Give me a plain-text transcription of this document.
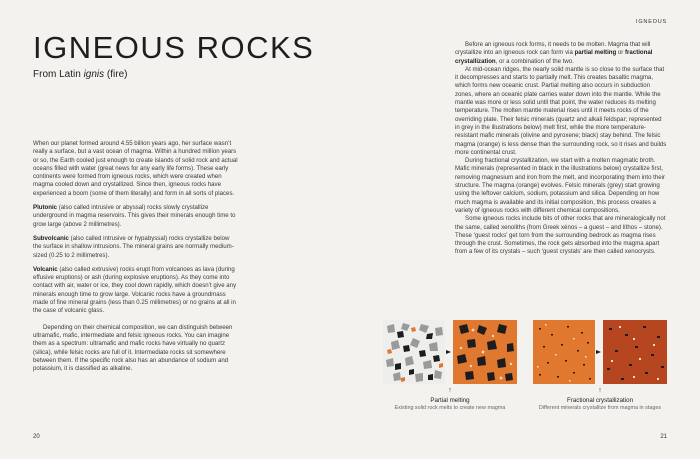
IGNEOUS ROCKS

From Latin ignis (fire)

When our planet formed around 4.55 billion years ago, her surface wasn’t really a surface, but a vast ocean of magma. Within a hundred million years or so, the Earth cooled just enough to create islands of solid rock and actual oceans filled with water (great news for any early life forms). These early continents were formed from igneous rocks, which were created when magma cooled down and crystallized. Since then, igneous rocks have experienced a boom (some of them literally) and form in all sorts of places.

Plutonic (also called intrusive or abyssal) rocks slowly crystallize underground in magma reservoirs. This gives their minerals enough time to grow large (above 2 millimetres).

Subvolcanic (also called intrusive or hypabyssal) rocks crystallize below the surface in shallow intrusions. The mineral grains are normally medium-sized (0.25 to 2 millimetres).

Volcanic (also called extrusive) rocks erupt from volcanoes as lava (during effusive eruptions) or ash (during explosive eruptions). As they come into contact with air, water or ice, they cool down rapidly, which doesn’t give any minerals enough time to grow large. Volcanic rocks have a groundmass made of fine mineral grains (less than 0.25 millimetres) or no grains at all in the case of volcanic glass.

Depending on their chemical composition, we can distinguish between ultramafic, mafic, intermediate and felsic igneous rocks. You can imagine them as a spectrum: ultramafic and mafic rocks have virtually no quartz (silica), while felsic rocks are full of it. Intermediate rocks sit somewhere between them. If the specific rock also has an abundance of sodium and potassium, it is classified as alkaline.

20
IGNEOUS

Before an igneous rock forms, it needs to be molten. Magma that will crystallize into an igneous rock can form via partial melting or fractional crystallization, or a combination of the two.

At mid-ocean ridges, the nearly solid mantle is so close to the surface that it decompresses and starts to partially melt. This creates basaltic magma, which forms new oceanic crust. Partial melting also occurs in subduction zones, where an oceanic plate carries water down into the mantle. While the mantle was more or less solid until that point, the water reduces its melting temperature. The molten mantle material rises until it meets rocks of the overriding plate. Their felsic minerals (quartz and alkali feldspar; represented in grey in the illustrations below) melt first, while the more temperature-resistant mafic minerals (olivine and pyroxene; black) stay behind. The felsic magma (orange) is less dense than the surrounding rock, so it rises and builds more continental crust.

During fractional crystallization, we start with a molten magmatic broth. Mafic minerals (represented in black in the illustrations below) crystallize first, removing magnesium and iron from the melt, and incorporating them into their structure. The magma (orange) evolves. Felsic minerals (grey) start growing using the leftover calcium, sodium, potassium and silica. Depending on how much magma is available and its initial composition, this process creates a variety of igneous rocks with different chemical compositions.

Some igneous rocks include bits of other rocks that are mineralogically not the same, called xenoliths (from Greek xénos – a guest – and líthos – stone). These ‘guest rocks’ get torn from the surrounding bedrock as magma rises through the crust. Sometimes, the rock gets absorbed into the magma apart from a few of its crystals – such ‘guest crystals’ are then called xenocrysts.

↑
Partial melting
Existing solid rock melts to create new magma
↑
Fractional crystallization
Different minerals crystallize from magma in stages
21
